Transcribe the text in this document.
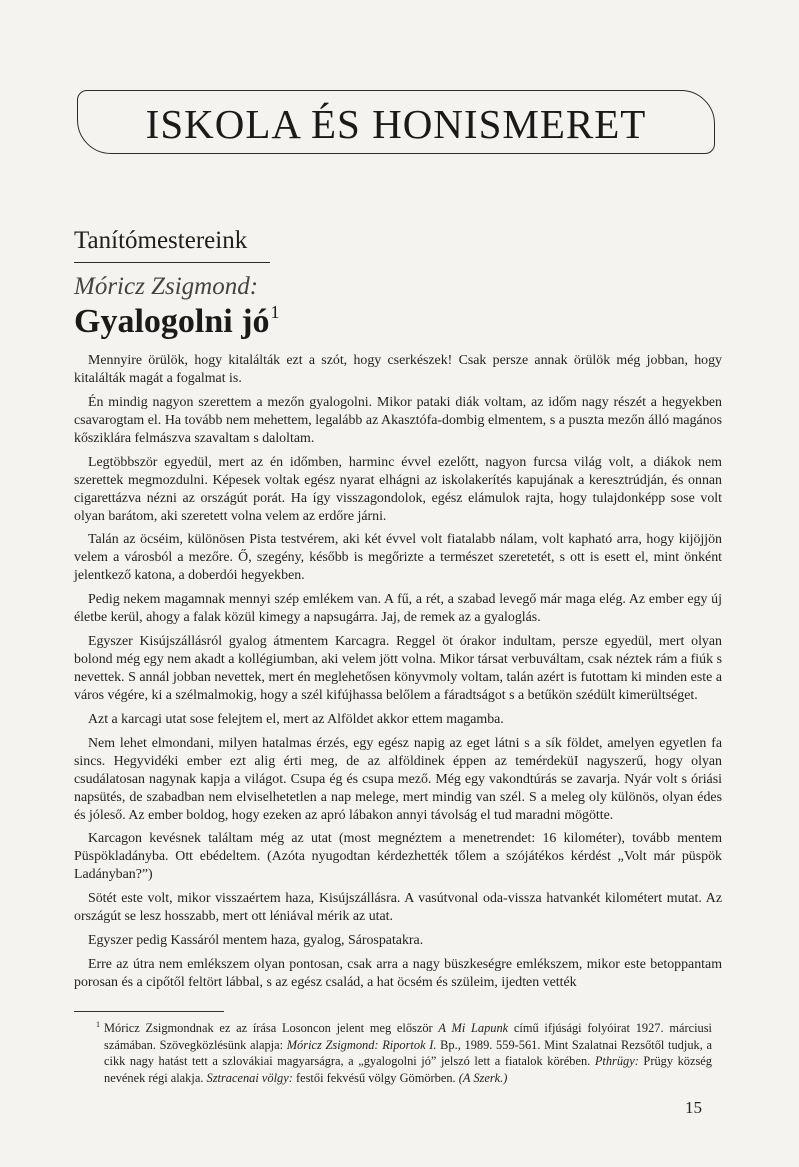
ISKOLA ÉS HONISMERET
Tanítómestereink
Móricz Zsigmond:
Gyalogolni $jó^1$

Mennyire örülök, hogy kitalálták ezt a szót, hogy cserkészek! Csak persze annak örülök még jobban, hogy kitalálták magát a fogalmat is.

Én mindig nagyon szerettem a mezőn gyalogolni. Mikor pataki diák voltam, az időm nagy részét a hegyekben csavarogtam el. Ha tovább nem mehettem, legalább az Akasztófa-dombig elmentem, s a puszta mezőn álló magános kősziklára felmászva szavaltam s daloltam.

Legtöbbször egyedül, mert az én időmben, harminc évvel ezelőtt, nagyon furcsa világ volt, a diákok nem szerettek megmozdulni. Képesek voltak egész nyarat elhágni az iskolakerítés kapujának a keresztrúdján, és onnan cigarettázva nézni az országút porát. Ha így visszagondolok, egész elámulok rajta, hogy tulajdonképp sose volt olyan barátom, aki szeretett volna velem az erdőre járni.

Talán az öcséim, különösen Pista testvérem, aki két évvel volt fiatalabb nálam, volt kapható arra, hogy kijöjjön velem a városból a mezőre. Ő, szegény, később is megőrizte a természet szeretetét, s ott is esett el, mint önként jelentkező katona, a doberdói hegyekben.

Pedig nekem magamnak mennyi szép emlékem van. A fű, a rét, a szabad levegő már maga elég. Az ember egy új életbe kerül, ahogy a falak közül kimegy a napsugárra. Jaj, de remek az a gyaloglás.

Egyszer Kisújszállásról gyalog átmentem Karcagra. Reggel öt órakor indultam, persze egyedül, mert olyan bolond még egy nem akadt a kollégiumban, aki velem jött volna. Mikor társat verbuváltam, csak néztek rám a fiúk s nevettek. S annál jobban nevettek, mert én meglehetősen könyvmoly voltam, talán azért is futottam ki minden este a város végére, ki a szélmalmokig, hogy a szél kifújhassa belőlem a fáradtságot s a betűkön szédült kimerültséget.

Azt a karcagi utat sose felejtem el, mert az Alföldet akkor ettem magamba.

Nem lehet elmondani, milyen hatalmas érzés, egy egész napig az eget látni s a sík földet, amelyen egyetlen fa sincs. Hegyvidéki ember ezt alig érti meg, de az alföldinek éppen az temérdeküI nagyszerű, hogy olyan csudálatosan nagynak kapja a világot. Csupa ég és csupa mező. Még egy vakondtúrás se zavarja. Nyár volt s óriási napsütés, de szabadban nem elviselhetetlen a nap melege, mert mindig van szél. S a meleg oly különös, olyan édes és jóleső. Az ember boldog, hogy ezeken az apró lábakon annyi távolság el tud maradni mögötte.

Karcagon kevésnek találtam még az utat (most megnéztem a menetrendet: 16 kilométer), tovább mentem Püspökladányba. Ott ebédeltem. (Azóta nyugodtan kérdezhették tőlem a szójátékos kérdést „Volt már püspök Ladányban?”)

Sötét este volt, mikor visszaértem haza, Kisújszállásra. A vasútvonal oda-vissza hatvankét kilométert mutat. Az országút se lesz hosszabb, mert ott léniával mérik az utat.

Egyszer pedig Kassáról mentem haza, gyalog, Sárospatakra.

Erre az útra nem emlékszem olyan pontosan, csak arra a nagy büszkeségre emlékszem, mikor este betoppantam porosan és a cipőtől feltört lábbal, s az egész család, a hat öcsém és szüleim, ijedten vették

$^1$ Móricz Zsigmondnak ez az írása Losoncon jelent meg először A Mi Lapunk című ifjúsági folyóirat 1927. márciusi számában. Szövegközlésünk alapja: Móricz Zsigmond: Riportok I. Bp., 1989. 559-561. Mint Szalatnai Rezsőtől tudjuk, a cikk nagy hatást tett a szlovákiai magyarságra, a „gyalogolni jó” jelszó lett a fiatalok körében. Pthrügy: Prügy község nevének régi alakja. Sztracenai völgy: festői fekvésű völgy Gömörben. (A Szerk.)
15
